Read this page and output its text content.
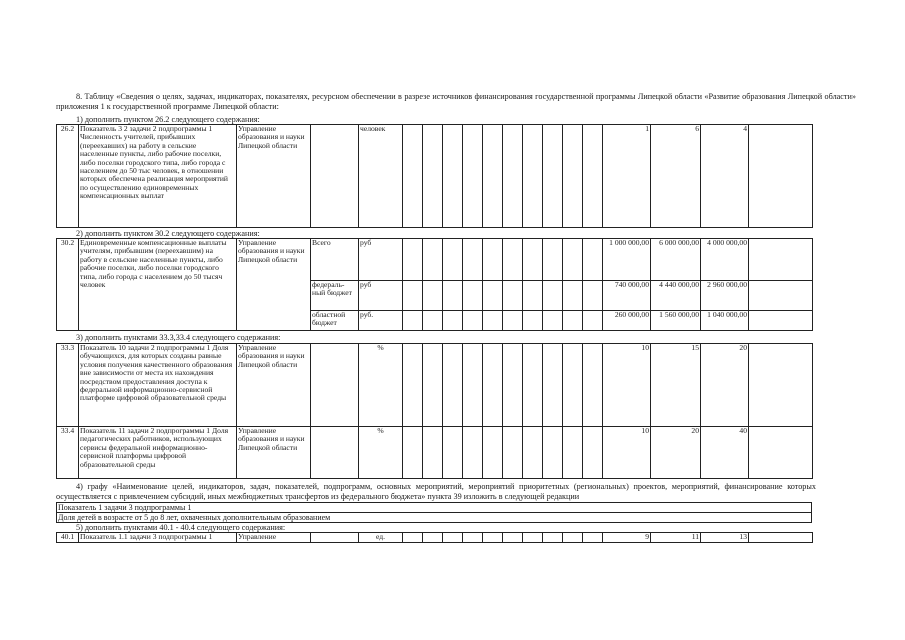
8. Таблицу «Сведения о целях, задачах, индикаторах, показателях, ресурсном обеспечении в разрезе источников финансирования государственной программы Липецкой области «Развитие образования Липецкой области» приложения 1 к государственной программе Липецкой области:

1) дополнить пунктом 26.2 следующего содержания:
26.2	Показатель 3 2 задачи 2 подпрограммы 1 Численность учителей, прибывших (переехавших) на работу в сельские населенные пункты, либо рабочие поселки, либо поселки городского типа, либо города с населением до 50 тыс человек, в отношении которых обеспечена реализация мероприятий по осуществлению единовременных компенсационных выплат	Управление образования и науки Липецкой области		человек											1	6	4	
2) дополнить пунктом 30.2 следующего содержания:
30.2	Единовременные компенсационные выплаты учителям, прибывшим (переехавшим) на работу в сельские населенные пункты, либо рабочие поселки, либо поселки городского типа, либо города с населением до 50 тысяч человек	Управление образования и науки Липецкой области	Всего	руб											1 000 000,00	6 000 000,00	4 000 000,00	
			федераль-ный бюджет	руб											740 000,00	4 440 000,00	2 960 000,00	
			областной бюджет	руб.											260 000,00	1 560 000,00	1 040 000,00	
3) дополнить пунктами 33.3,33.4 следующего содержания:
33.3	Показатель 10 задачи 2 подпрограммы 1 Доля обучающихся, для которых созданы равные условия получения качественного образования вне зависимости от места их нахождения посредством предоставления доступа к федеральной информационно-сервисной платформе цифровой образовательной среды	Управление образования и науки Липецкой области		%											10	15	20	
33.4	Показатель 11 задачи 2 подпрограммы 1 Доля педагогических работников, использующих сервисы федеральной информационно-сервисной платформы цифровой образовательной среды	Управление образования и науки Липецкой области		%											10	20	40	

4) графу «Наименование целей, индикаторов, задач, показателей, подпрограмм, основных мероприятий, мероприятий приоритетных (региональных) проектов, мероприятий, финансирование которых осуществляется с привлечением субсидий, иных межбюджетных трансфертов из федерального бюджета» пункта 39 изложить в следующей редакции

Показатель 1 задачи 3 подпрограммы 1
Доля детей в возрасте от 5 до 8 лет, охваченных дополнительным образованием
5) дополнить пунктами 40.1 - 40.4 следующего содержания:
40.1	Показатель 1.1 задачи 3 подпрограммы 1	Управление		ед.											9	11	13	
